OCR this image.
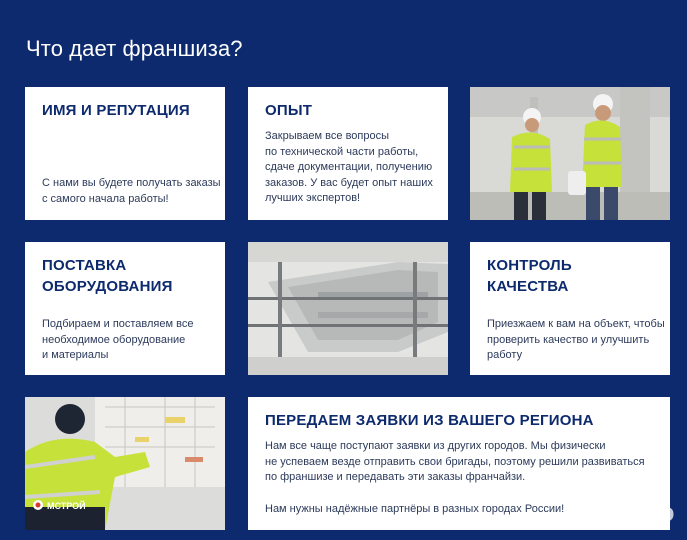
Что дает франшиза?
ИМЯ И РЕПУТАЦИЯ

С нами вы будете получать заказы

с самого начала работы!

ОПЫТ

Закрываем все вопросы

по технической части работы,

сдаче документации, получению

заказов. У вас будет опыт наших

лучших экспертов!

ПОСТАВКА
ОБОРУДОВАНИЯ

Подбираем и поставляем все

необходимое оборудование

и материалы

КОНТРОЛЬ КАЧЕСТВА

Приезжаем к вам на объект, чтобы

проверить качество и улучшить

работу

МСТРОЙ
ПЕРЕДАЕМ ЗАЯВКИ ИЗ ВАШЕГО РЕГИОНА

Нам все чаще поступают заявки из других городов. Мы физически

не успеваем везде отправить свои бригады, поэтому решили развиваться

по франшизе и передавать эти заказы франчайзи.

Нам нужны надёжные партнёры в разных городах России! Avito
